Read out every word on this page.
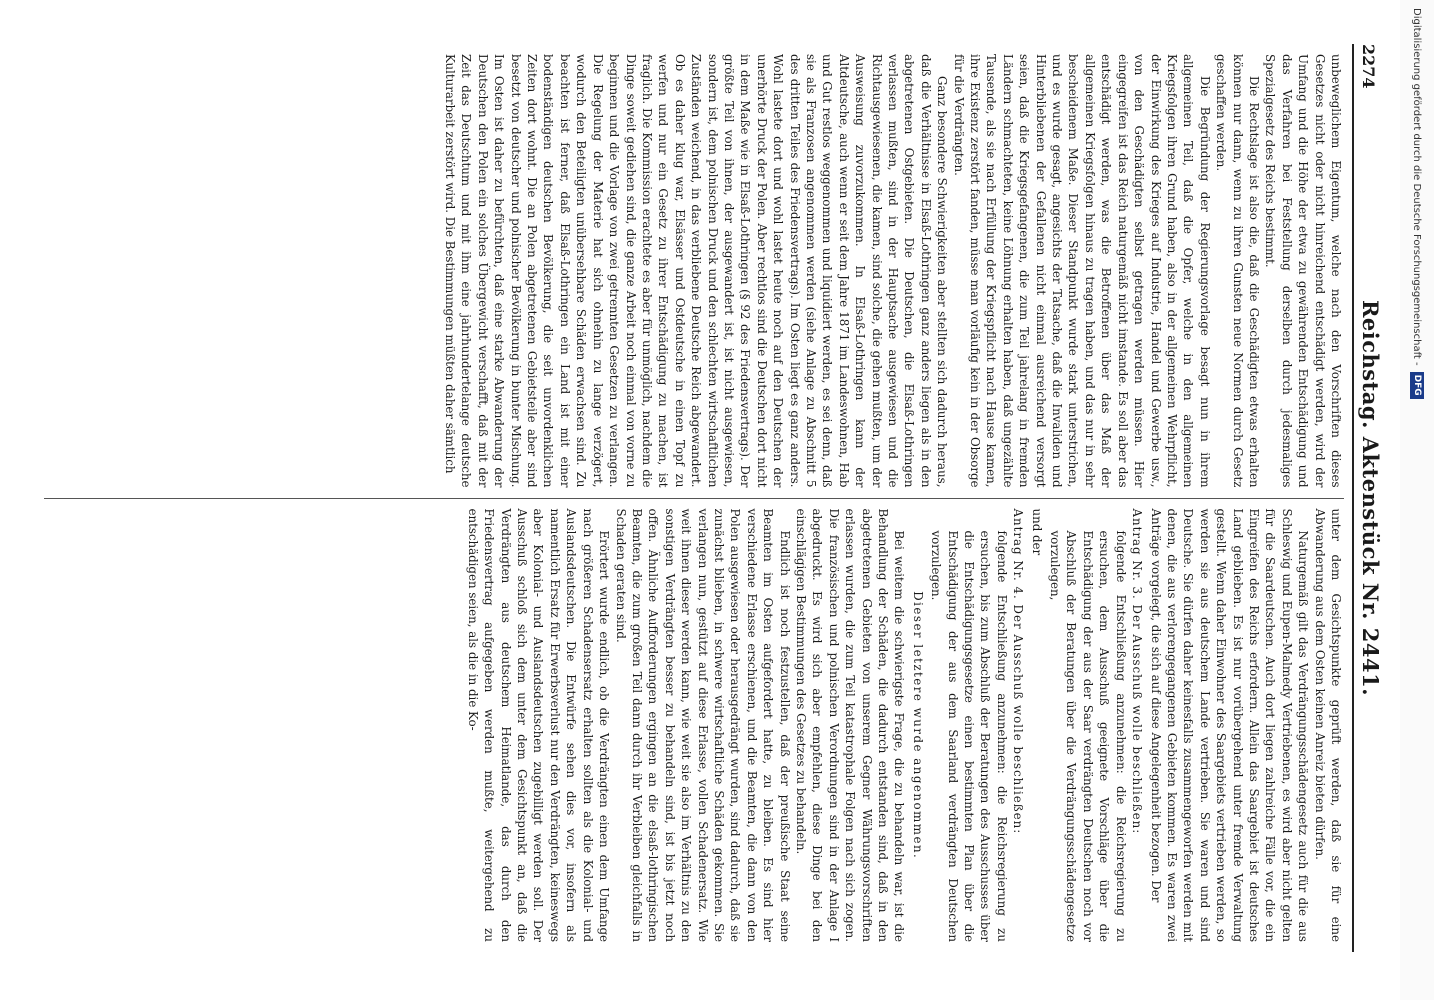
2274
Reichstag. Aktenstück Nr. 2441.

unbeweglichem Eigentum, welche nach den Vorschriften dieses Gesetzes nicht oder nicht hinreichend entschädigt werden, wird der Umfang und die Höhe der etwa zu gewährenden Entschädigung und das Verfahren bei Feststellung derselben durch jedesmaliges Spezialgesetz des Reichs bestimmt.

Die Rechtslage ist also die, daß die Geschädigten etwas erhalten können nur dann, wenn zu ihren Gunsten neue Normen durch Gesetz geschaffen werden.

Die Begründung der Regierungsvorlage besagt nun in ihrem allgemeinen Teil, daß die Opfer, welche in den allgemeinen Kriegsfolgen ihren Grund haben, also in der allgemeinen Wehrpflicht, der Einwirkung des Krieges auf Industrie, Handel und Gewerbe usw., von den Geschädigten selbst getragen werden müssen. Hier eingegreifen ist das Reich naturgemäß nicht imstande. Es soll aber das entschädigt werden, was die Betroffenen über das Maß der allgemeinen Kriegsfolgen hinaus zu tragen haben, und das nur in sehr bescheidenem Maße. Dieser Standpunkt wurde stark unterstrichen, und es wurde gesagt, angesichts der Tatsache, daß die Invaliden und Hinterbliebenen der Gefallenen nicht einmal ausreichend versorgt seien, daß die Kriegsgefangenen, die zum Teil jahrelang in fremden Ländern schmachteten, keine Löhnung erhalten haben, daß ungezählte Tausende, als sie nach Erfüllung der Kriegspflicht nach Hause kamen, ihre Existenz zerstört fanden, müsse man vorläufig kein in der Obsorge für die Verdrängten.

Ganz besondere Schwierigkeiten aber stellten sich dadurch heraus, daß die Verhältnisse in Elsaß-Lothringen ganz anders liegen als in den abgetretenen Ostgebieten. Die Deutschen, die Elsaß-Lothringen verlassen mußten, sind in der Hauptsache ausgewiesen und die Richtausgewiesenen, die kamen, sind solche, die gehen mußten, um der Ausweisung zuvorzukommen. In Elsaß-Lothringen kann der Altdeutsche, auch wenn er seit dem Jahre 1871 im Landeswohnen, Hab und Gut restlos weggenommen und liquidiert werden, es sei denn, daß sie als Franzosen angenommen werden (siehe Anlage zu Abschnitt 5 des dritten Teiles des Friedensvertrags). Im Osten liegt es ganz anders. Wohl lastete dort und wohl lastet heute noch auf den Deutschen der unerhörte Druck der Polen. Aber rechtlos sind die Deutschen dort nicht in dem Maße wie in Elsaß-Lothringen (§ 92 des Friedensvertrags). Der größte Teil von ihnen, der ausgewandert ist, ist nicht ausgewiesen, sondern ist, dem polnischen Druck und den schlechten wirtschaftlichen Zuständen weichend, in das verbliebene Deutsche Reich abgewandert. Ob es daher klug war, Elsässer und Ostdeutsche in einen Topf zu werfen und nur ein Gesetz zu ihrer Entschädigung zu machen, ist fraglich. Die Kommission erachtete es aber für unmöglich, nachdem die Dinge soweit gediehen sind, die ganze Arbeit noch einmal von vorne zu beginnen und die Vorlage von zwei getrennten Gesetzen zu verlangen. Die Regelung der Materie hat sich ohnehin zu lange verzögert, wodurch den Beteiligten unübersehbare Schäden erwachsen sind. Zu beachten ist ferner, daß Elsaß-Lothringen ein Land ist mit einer bodenständigen deutschen Bevölkerung, die seit unvordenklichen Zeiten dort wohnt. Die an Polen abgetretenen Gebietsteile aber sind besetzt von deutscher und polnischer Bevölkerung in bunter Mischung. Im Osten ist daher zu befürchten, daß eine starke Abwanderung der Deutschen den Polen ein solches Übergewicht verschafft, daß mit der Zeit das Deutschtum und mit ihm eine jahrhundertelange deutsche Kulturarbeit zerstört wird. Die Bestimmungen müßten daher sämtlich

unter dem Gesichtspunkte geprüft werden, daß sie für eine Abwanderung aus dem Osten keinen Anreiz bieten dürfen.

Naturgemäß gilt das Verdrängungsschädengesetz auch für die aus Schleswig und Eupen-Malmedy Vertriebenen, es wird aber nicht gelten für die Saardeutschen. Auch dort liegen zahlreiche Fälle vor, die ein Eingreifen des Reichs erfordern. Allein das Saargebiet ist deutsches Land geblieben. Es ist nur vorübergehend unter fremde Verwaltung gestellt. Wenn daher Einwohner des Saargebiets vertrieben werden, so werden sie aus deutschem Lande vertrieben. Sie waren und sind Deutsche. Sie dürfen daher keinesfalls zusammengeworfen werden mit denen, die aus verlorengegangenen Gebieten kommen. Es waren zwei Anträge vorgelegt, die sich auf diese Angelegenheit bezogen. Der

Antrag Nr. 3. Der Ausschuß wolle beschließen:

folgende Entschließung anzunehmen: die Reichsregierung zu ersuchen, dem Ausschuß geeignete Vorschläge über die Entschädigung der aus der Saar verdrängten Deutschen noch vor Abschluß der Beratungen über die Verdrängungsschädengesetze vorzulegen,

und der

Antrag Nr. 4. Der Ausschuß wolle beschließen:

folgende Entschließung anzunehmen: die Reichsregierung zu ersuchen, bis zum Abschluß der Beratungen des Ausschusses über die Entschädigungsgesetze einen bestimmten Plan über die Entschädigung der aus dem Saarland verdrängten Deutschen vorzulegen.

Dieser letztere wurde angenommen.

Bei weitem die schwierigste Frage, die zu behandeln war, ist die Behandlung der Schäden, die dadurch entstanden sind, daß in den abgetretenen Gebieten von unserem Gegner Währungsvorschriften erlassen wurden, die zum Teil katastrophale Folgen nach sich zogen. Die französischen und polnischen Verordnungen sind in der Anlage I abgedruckt. Es wird sich aber empfehlen, diese Dinge bei den einschlägigen Bestimmungen des Gesetzes zu behandeln.

Endlich ist noch festzustellen, daß der preußische Staat seine Beamten im Osten aufgefordert hatte, zu bleiben. Es sind hier verschiedene Erlasse erschienen, und die Beamten, die dann von den Polen ausgewiesen oder herausgedrängt wurden, sind dadurch, daß sie zunächst blieben, in schwere wirtschaftliche Schäden gekommen. Sie verlangen nun, gestützt auf diese Erlasse, vollen Schadenersatz. Wie weit ihnen dieser werden kann, wie weit sie also im Verhältnis zu den sonstigen Verdrängten besser zu behandeln sind, ist bis jetzt noch offen. Ähnliche Aufforderungen ergingen an die elsaß-lothringischen Beamten, die zum großen Teil dann durch ihr Verbleiben gleichfalls in Schaden geraten sind.

Erörtert wurde endlich, ob die Verdrängten einen dem Umfange nach größeren Schadensersatz erhalten sollten als die Kolonial- und Auslandsdeutschen. Die Entwürfe sehen dies vor, insofern als namentlich Ersatz für Erwerbsverlust nur den Verdrängten, keineswegs aber Kolonial- und Auslandsdeutschen zugebilligt werden soll. Der Ausschuß schloß sich dem unter dem Gesichtspunkt an, daß die Verdrängten aus deutschem Heimatlande, das durch den Friedensvertrag aufgegeben werden mußte, weitergehend zu entschädigen seien, als die in die Ko-

Digitalisierung gefördert durch die Deutsche Forschungsgemeinschaft -
DFG
